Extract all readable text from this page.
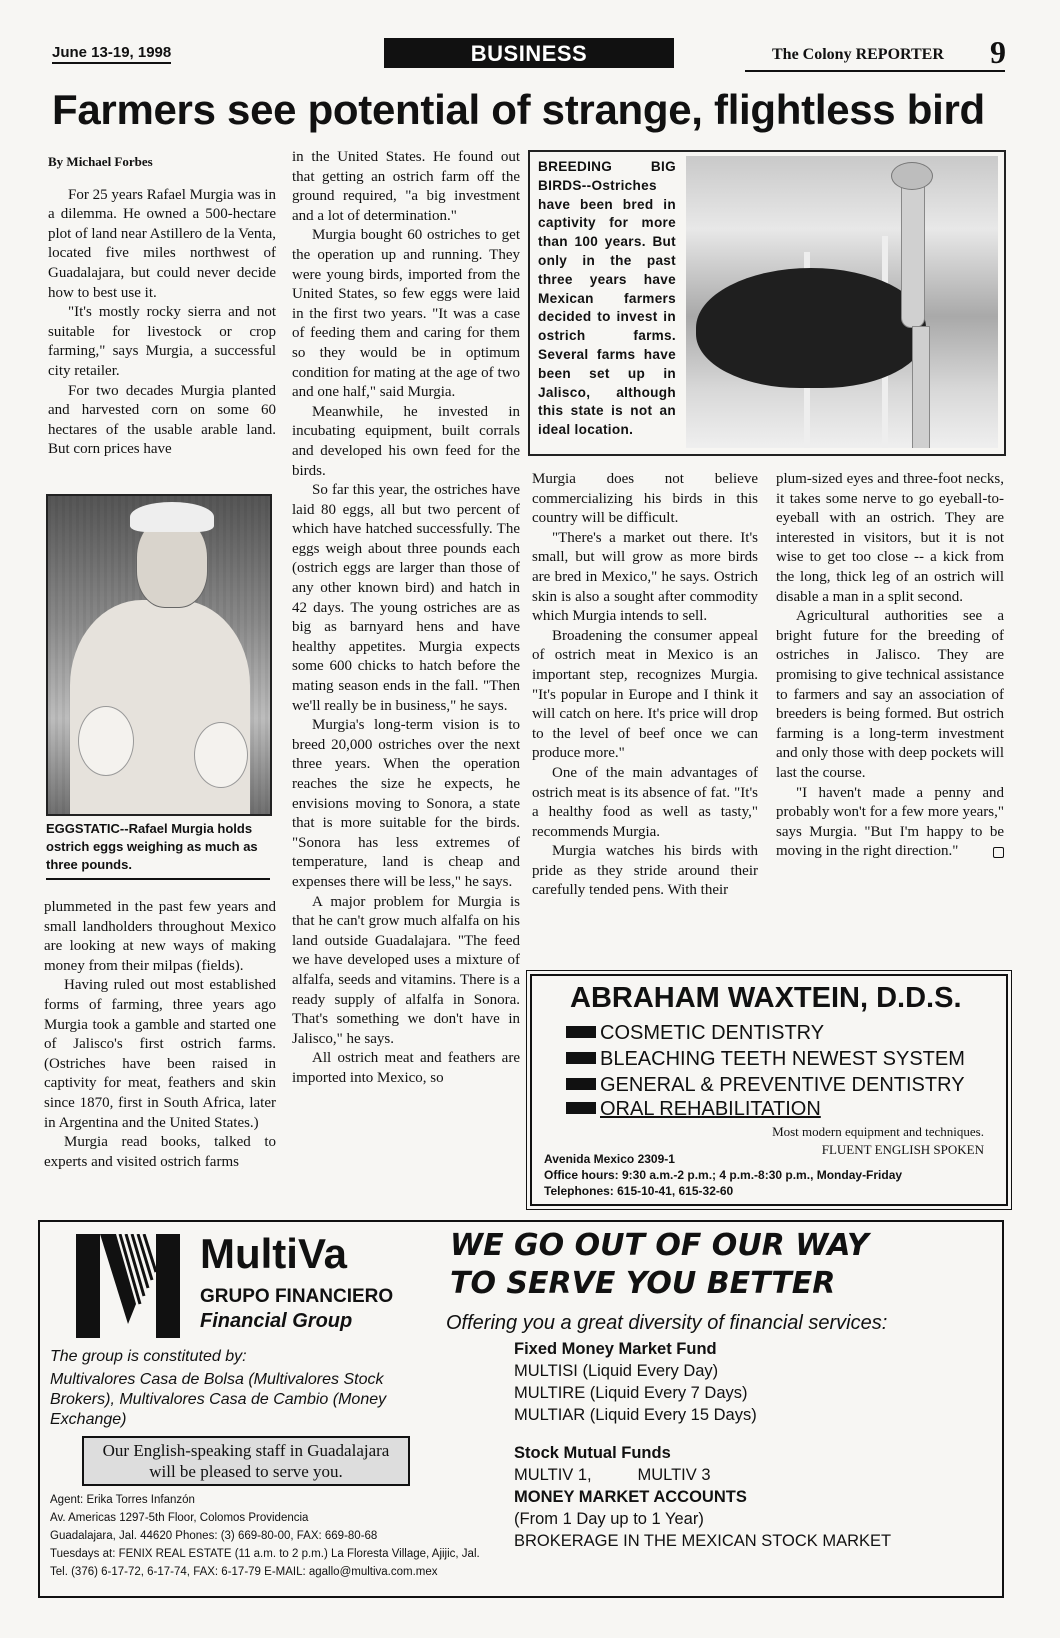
June 13-19, 1998	BUSINESS	The Colony REPORTER 9
Farmers see potential of strange, flightless bird

By Michael Forbes

For 25 years Rafael Murgia was in a dilemma. He owned a 500-hectare plot of land near Astillero de la Venta, located five miles northwest of Guadalajara, but could never decide how to best use it.

"It's mostly rocky sierra and not suitable for livestock or crop farming," says Murgia, a successful city retailer.

For two decades Murgia planted and harvested corn on some 60 hectares of the usable arable land. But corn prices have

EGGSTATIC--Rafael Murgia holds ostrich eggs weighing as much as three pounds.

plummeted in the past few years and small landholders throughout Mexico are looking at new ways of making money from their milpas (fields).

Having ruled out most established forms of farming, three years ago Murgia took a gamble and started one of Jalisco's first ostrich farms. (Ostriches have been raised in captivity for meat, feathers and skin since 1870, first in South Africa, later in Argentina and the United States.)

Murgia read books, talked to experts and visited ostrich farms

in the United States. He found out that getting an ostrich farm off the ground required, "a big investment and a lot of determination."

Murgia bought 60 ostriches to get the operation up and running. They were young birds, imported from the United States, so few eggs were laid in the first two years. "It was a case of feeding them and caring for them so they would be in optimum condition for mating at the age of two and one half," said Murgia.

Meanwhile, he invested in incubating equipment, built corrals and developed his own feed for the birds.

So far this year, the ostriches have laid 80 eggs, all but two percent of which have hatched successfully. The eggs weigh about three pounds each (ostrich eggs are larger than those of any other known bird) and hatch in 42 days. The young ostriches are as big as barnyard hens and have healthy appetites. Murgia expects some 600 chicks to hatch before the mating season ends in the fall. "Then we'll really be in business," he says.

Murgia's long-term vision is to breed 20,000 ostriches over the next three years. When the operation reaches the size he expects, he envisions moving to Sonora, a state that is more suitable for the birds. "Sonora has less extremes of temperature, land is cheap and expenses there will be less," he says.

A major problem for Murgia is that he can't grow much alfalfa on his land outside Guadalajara. "The feed we have developed uses a mixture of alfalfa, seeds and vitamins. There is a ready supply of alfalfa in Sonora. That's something we don't have in Jalisco," he says.

All ostrich meat and feathers are imported into Mexico, so

BREEDING BIG BIRDS--Ostriches have been bred in captivity for more than 100 years. But only in the past three years have Mexican farmers decided to invest in ostrich farms. Several farms have been set up in Jalisco, although this state is not an ideal location.

Murgia does not believe commercializing his birds in this country will be difficult.

"There's a market out there. It's small, but will grow as more birds are bred in Mexico," he says. Ostrich skin is also a sought after commodity which Murgia intends to sell.

Broadening the consumer appeal of ostrich meat in Mexico is an important step, recognizes Murgia. "It's popular in Europe and I think it will catch on here. It's price will drop to the level of beef once we can produce more."

One of the main advantages of ostrich meat is its absence of fat. "It's a healthy food as well as tasty," recommends Murgia.

Murgia watches his birds with pride as they stride around their carefully tended pens. With their

plum-sized eyes and three-foot necks, it takes some nerve to go eyeball-to-eyeball with an ostrich. They are interested in visitors, but it is not wise to get too close -- a kick from the long, thick leg of an ostrich will disable a man in a split second.

Agricultural authorities see a bright future for the breeding of ostriches in Jalisco. They are promising to give technical assistance to farmers and say an association of breeders is being formed. But ostrich farming is a long-term investment and only those with deep pockets will last the course.

"I haven't made a penny and probably won't for a few more years," says Murgia. "But I'm happy to be moving in the right direction."

ABRAHAM WAXTEIN, D.D.S.
COSMETIC DENTISTRY
BLEACHING TEETH NEWEST SYSTEM
GENERAL & PREVENTIVE DENTISTRY
ORAL REHABILITATION
Most modern equipment and techniques.
FLUENT ENGLISH SPOKEN
Avenida Mexico 2309-1
Office hours: 9:30 a.m.-2 p.m.; 4 p.m.-8:30 p.m., Monday-Friday
Telephones: 615-10-41, 615-32-60
MultiVa
GRUPO FINANCIERO
Financial Group
The group is constituted by:
Multivalores Casa de Bolsa (Multivalores Stock Brokers), Multivalores Casa de Cambio (Money Exchange)
Our English-speaking staff in Guadalajara will be pleased to serve you.
Agent: Erika Torres Infanzón
Av. Americas 1297-5th Floor, Colomos Providencia
Guadalajara, Jal. 44620 Phones: (3) 669-80-00, FAX: 669-80-68
Tuesdays at: FENIX REAL ESTATE (11 a.m. to 2 p.m.) La Floresta Village, Ajijic, Jal.
Tel. (376) 6-17-72, 6-17-74, FAX: 6-17-79 E-MAIL: agallo@multiva.com.mex
WE GO OUT OF OUR WAY
TO SERVE YOU BETTER
Offering you a great diversity of financial services:
Fixed Money Market Fund
MULTISI (Liquid Every Day)
MULTIRE (Liquid Every 7 Days)
MULTIAR (Liquid Every 15 Days)
Stock Mutual Funds
MULTIV 1,          MULTIV 3
MONEY MARKET ACCOUNTS
(From 1 Day up to 1 Year)
BROKERAGE IN THE MEXICAN STOCK MARKET
